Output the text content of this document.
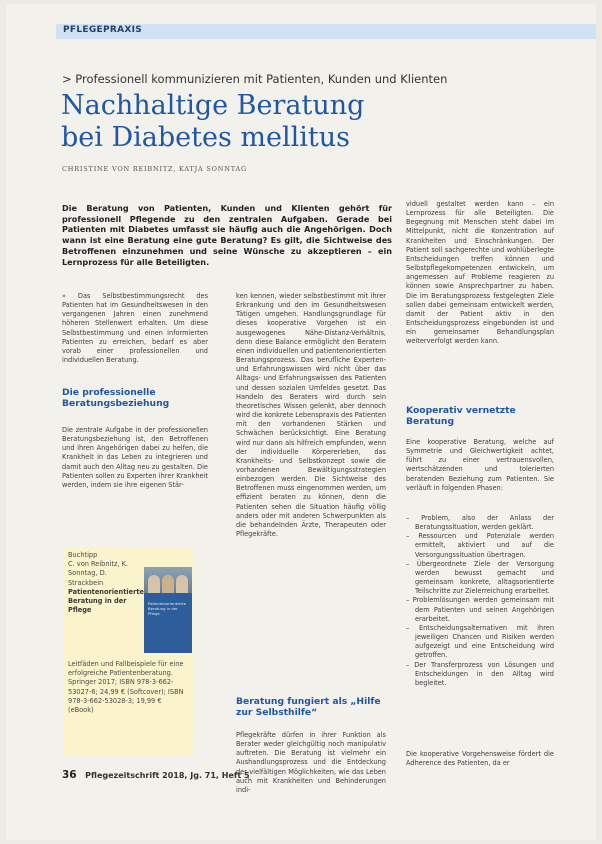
PFLEGEPRAXIS
> Professionell kommunizieren mit Patienten, Kunden und Klienten
Nachhaltige Beratung
bei Diabetes mellitus
CHRISTINE VON REIBNITZ, KATJA SONNTAG
Die Beratung von Patienten, Kunden und Klienten gehört für professionell Pflegende zu den zentralen Aufgaben. Gerade bei Patienten mit Diabetes umfasst sie häufig auch die Angehörigen. Doch wann ist eine Beratung eine gute Beratung? Es gilt, die Sichtweise des Betroffenen einzunehmen und seine Wünsche zu akzeptieren – ein Lernprozess für alle Beteiligten.

» Das Selbstbestimmungsrecht des Patienten hat im Gesundheitswesen in den vergangenen Jahren einen zunehmend höheren Stellenwert erhalten. Um diese Selbstbestimmung und einen informierten Patienten zu erreichen, bedarf es aber vorab einer professionellen und individuellen Beratung.

Die professionelle Beratungsbeziehung

Die zentrale Aufgabe in der professionellen Beratungsbeziehung ist, den Betroffenen und ihren Angehörigen dabei zu helfen, die Krankheit in das Leben zu integrieren und damit auch den Alltag neu zu gestalten. Die Patienten sollen zu Experten ihrer Krankheit werden, indem sie ihre eigenen Stär-

Buchtipp
C. von Reibnitz, K. Sonntag, D. Strackbein
Patientenorientierte Beratung in der Pflege
Patientenorientierte Beratung in der Pflege
Leitfäden und Fallbeispiele für eine erfolgreiche Patientenberatung. Springer 2017; ISBN 978-3-662-53027-6; 24,99 € (Softcover); ISBN 978-3-662-53028-3; 19,99 € (eBook)

ken kennen, wieder selbstbestimmt mit ihrer Erkrankung und den im Gesundheitswesen Tätigen umgehen. Handlungsgrundlage für dieses kooperative Vorgehen ist ein ausgewogenes Nähe-Distanz-Verhältnis, denn diese Balance ermöglicht den Beratern einen individuellen und patientenorientierten Beratungsprozess. Das berufliche Experten- und Erfahrungswissen wird nicht über das Alltags- und Erfahrungswissen des Patienten und dessen sozialen Umfeldes gesetzt. Das Handeln des Beraters wird durch sein theoretisches Wissen gelenkt, aber dennoch wird die konkrete Lebenspraxis des Patienten mit den vorhandenen Stärken und Schwächen berücksichtigt. Eine Beratung wird nur dann als hilfreich empfunden, wenn der individuelle Körpererleben, das Krankheits- und Selbstkonzept sowie die vorhandenen Bewältigungsstrategien einbezogen werden. Die Sichtweise des Betroffenen muss eingenommen werden, um effizient beraten zu können, denn die Patienten sehen die Situation häufig völlig anders oder mit anderen Schwerpunkten als die behandelnden Ärzte, Therapeuten oder Pflegekräfte.

Beratung fungiert als „Hilfe zur Selbsthilfe“

Pflegekräfte dürfen in ihrer Funktion als Berater weder gleichgültig noch manipulativ auftreten. Die Beratung ist vielmehr ein Aushandlungsprozess und die Entdeckung der vielfältigen Möglichkeiten, wie das Leben auch mit Krankheiten und Behinderungen indi-

viduell gestaltet werden kann – ein Lernprozess für alle Beteiligten. Die Begegnung mit Menschen steht dabei im Mittelpunkt, nicht die Konzentration auf Krankheiten und Einschränkungen. Der Patient soll sachgerechte und wohlüberlegte Entscheidungen treffen können und Selbstpflegekompetenzen entwickeln, um angemessen auf Probleme reagieren zu können sowie Ansprechpartner zu haben. Die im Beratungsprozess festgelegten Ziele sollen dabei gemeinsam entwickelt werden, damit der Patient aktiv in den Entscheidungsprozess eingebunden ist und ein gemeinsamer Behandlungsplan weiterverfolgt werden kann.

Kooperativ vernetzte Beratung

Eine kooperative Beratung, welche auf Symmetrie und Gleichwertigkeit achtet, führt zu einer vertrauensvollen, wertschätzenden und tolerierten beratenden Beziehung zum Patienten. Sie verläuft in folgenden Phasen:

– Problem, also der Anlass der Beratungssituation, werden geklärt.
– Ressourcen und Potenziale werden ermittelt, aktiviert und auf die Versorgungssituation übertragen.
– Übergeordnete Ziele der Versorgung werden bewusst gemacht und gemeinsam konkrete, alltagsorientierte Teilschritte zur Zielerreichung erarbeitet.
– Problemlösungen werden gemeinsam mit dem Patienten und seinen Angehörigen erarbeitet.
– Entscheidungsalternativen mit ihren jeweiligen Chancen und Risiken werden aufgezeigt und eine Entscheidung wird getroffen.
– Der Transferprozess von Lösungen und Entscheidungen in den Alltag wird begleitet.

Die kooperative Vorgehensweise fördert die Adherence des Patienten, da er

36 Pflegezeitschrift 2018, Jg. 71, Heft 5
